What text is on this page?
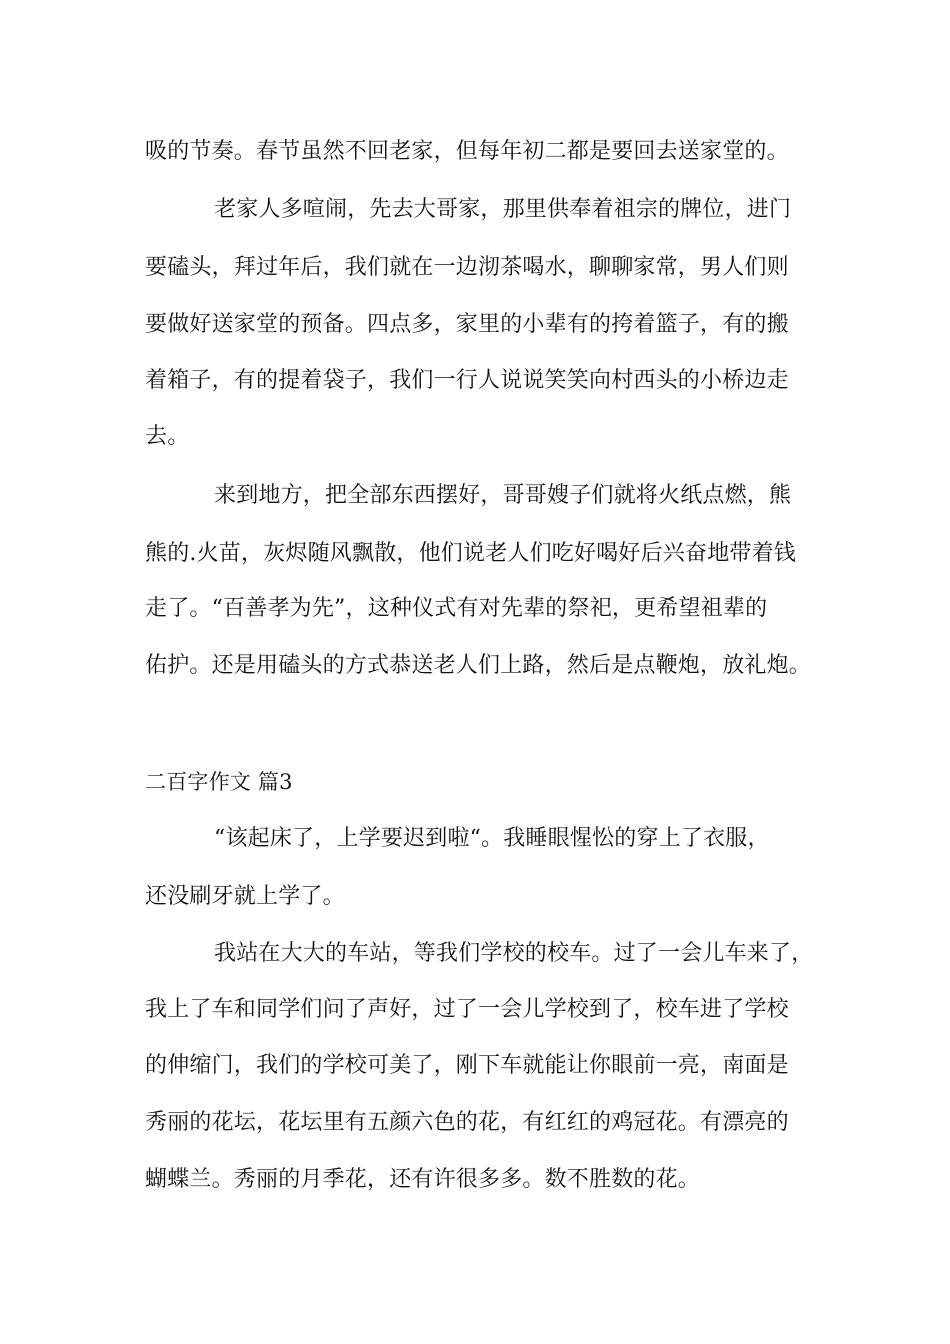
吸的节奏。春节虽然不回老家，但每年初二都是要回去送家堂的。
老家人多喧闹，先去大哥家，那里供奉着祖宗的牌位，进门
要磕头，拜过年后，我们就在一边沏茶喝水，聊聊家常，男人们则
要做好送家堂的预备。四点多，家里的小辈有的挎着篮子，有的搬
着箱子，有的提着袋子，我们一行人说说笑笑向村西头的小桥边走
去。
来到地方，把全部东西摆好，哥哥嫂子们就将火纸点燃，熊
熊的.火苗，灰烬随风飘散，他们说老人们吃好喝好后兴奋地带着钱
走了。“百善孝为先”，这种仪式有对先辈的祭祀，更希望祖辈的
佑护。还是用磕头的方式恭送老人们上路，然后是点鞭炮，放礼炮。
二百字作文 篇3
“该起床了，上学要迟到啦“。我睡眼惺忪的穿上了衣服，
还没刷牙就上学了。
我站在大大的车站，等我们学校的校车。过了一会儿车来了，
我上了车和同学们问了声好，过了一会儿学校到了，校车进了学校
的伸缩门，我们的学校可美了，刚下车就能让你眼前一亮，南面是
秀丽的花坛，花坛里有五颜六色的花，有红红的鸡冠花。有漂亮的
蝴蝶兰。秀丽的月季花，还有许很多多。数不胜数的花。
